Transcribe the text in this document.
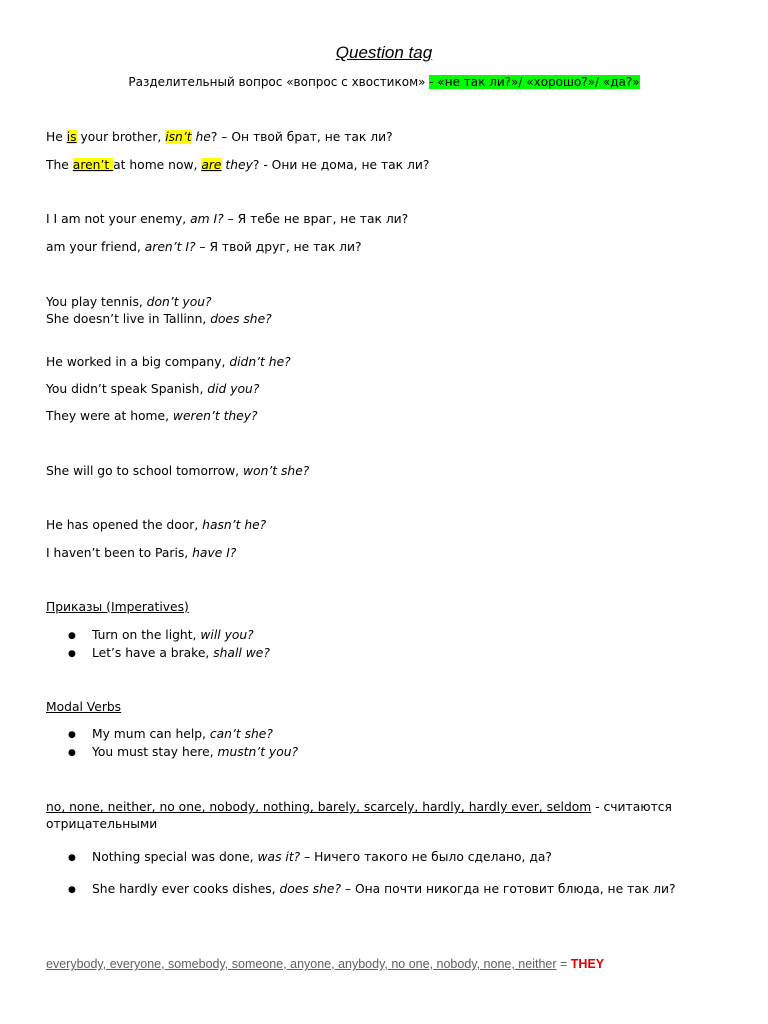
Question tag
Разделительный вопрос «вопрос с хвостиком» - «не так ли?»/ «хорошо?»/ «да?»
He is your brother, isn’t he? – Он твой брат, не так ли?
The aren’t at home now, are they? - Они не дома, не так ли?
I I am not your enemy, am I? – Я тебе не враг, не так ли?
am your friend, aren’t I? – Я твой друг, не так ли?
You play tennis, don’t you?
She doesn’t live in Tallinn, does she?
He worked in a big company, didn’t he?
You didn’t speak Spanish, did you?
They were at home, weren’t they?
She will go to school tomorrow, won’t she?
He has opened the door, hasn’t he?
I haven’t been to Paris, have I?
Приказы (Imperatives)
● Turn on the light, will you?
● Let’s have a brake, shall we?
Modal Verbs
● My mum can help, can’t she?
● You must stay here, mustn’t you?
no, none, neither, no one, nobody, nothing, barely, scarcely, hardly, hardly ever, seldom - считаются
отрицательными
● Nothing special was done, was it? – Ничего такого не было сделано, да?
● She hardly ever cooks dishes, does she? – Она почти никогда не готовит блюда, не так ли?
everybody, everyone, somebody, someone, anyone, anybody, no one, nobody, none, neither = THEY
